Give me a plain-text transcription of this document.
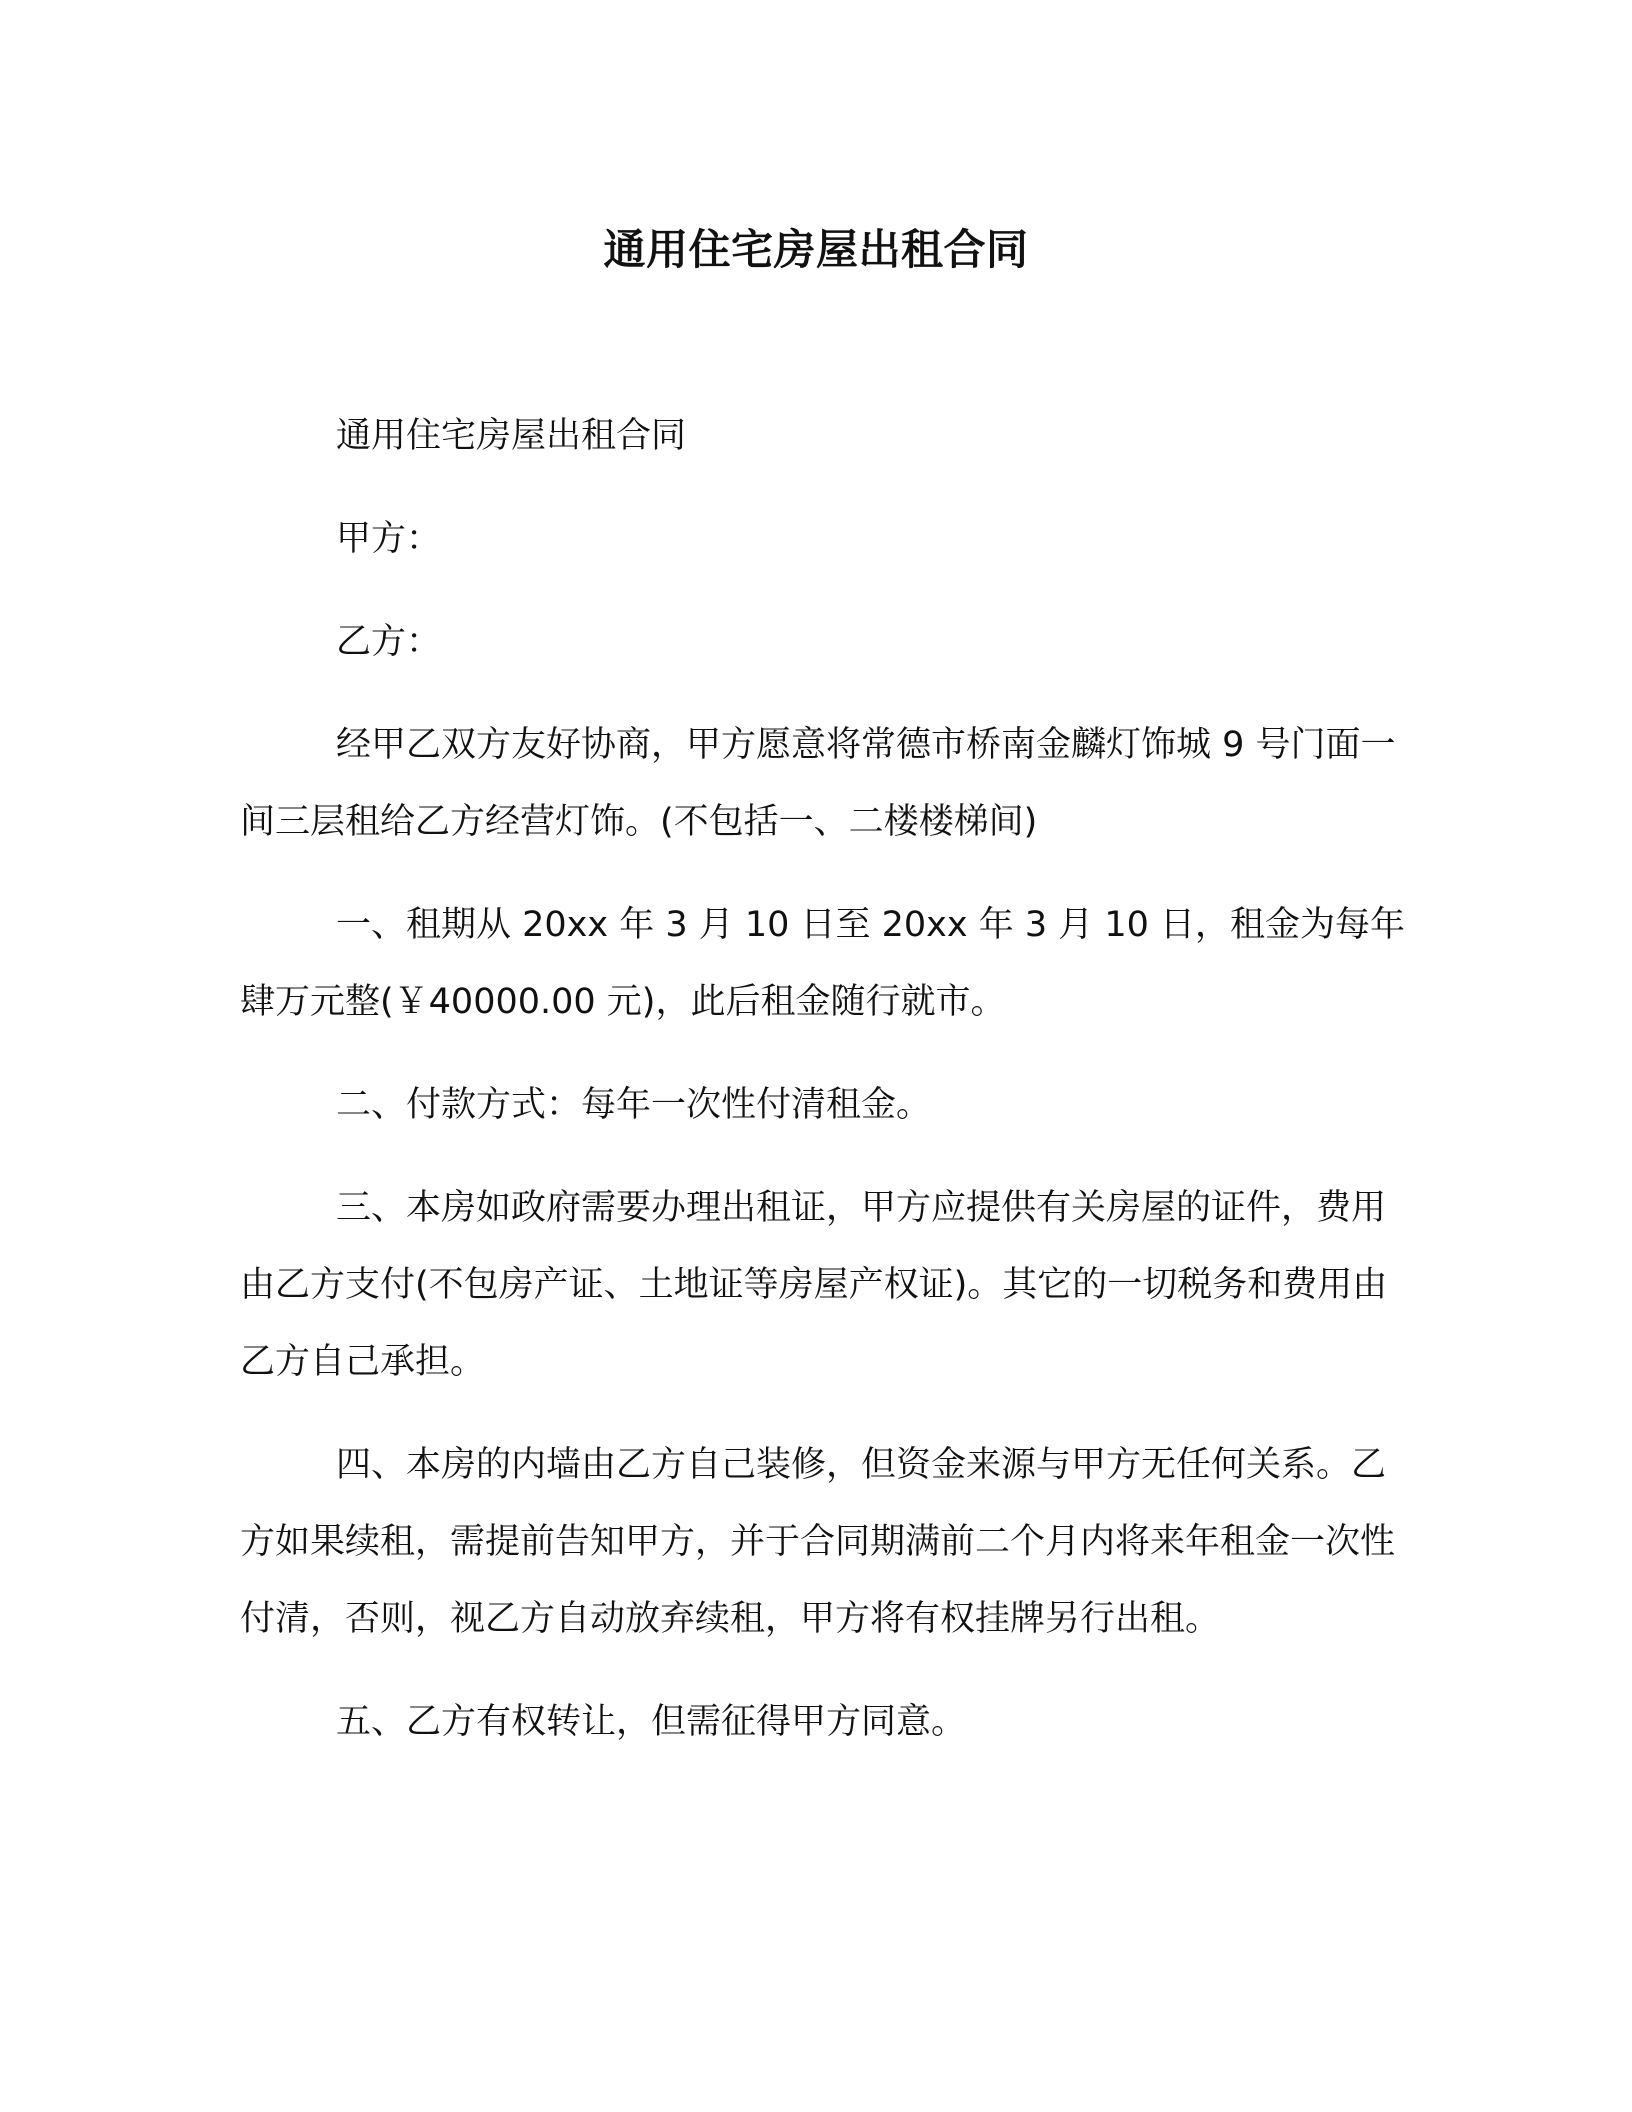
通用住宅房屋出租合同

通用住宅房屋出租合同

甲方：

乙方：

经甲乙双方友好协商，甲方愿意将常德市桥南金麟灯饰城 9 号门面一间三层租给乙方经营灯饰。(不包括一、二楼楼梯间)

一、租期从 20xx 年 3 月 10 日至 20xx 年 3 月 10 日，租金为每年肆万元整(￥40000.00 元)，此后租金随行就市。

二、付款方式：每年一次性付清租金。

三、本房如政府需要办理出租证，甲方应提供有关房屋的证件，费用由乙方支付(不包房产证、土地证等房屋产权证)。其它的一切税务和费用由乙方自己承担。

四、本房的内墙由乙方自己装修，但资金来源与甲方无任何关系。乙方如果续租，需提前告知甲方，并于合同期满前二个月内将来年租金一次性付清，否则，视乙方自动放弃续租，甲方将有权挂牌另行出租。

五、乙方有权转让，但需征得甲方同意。
